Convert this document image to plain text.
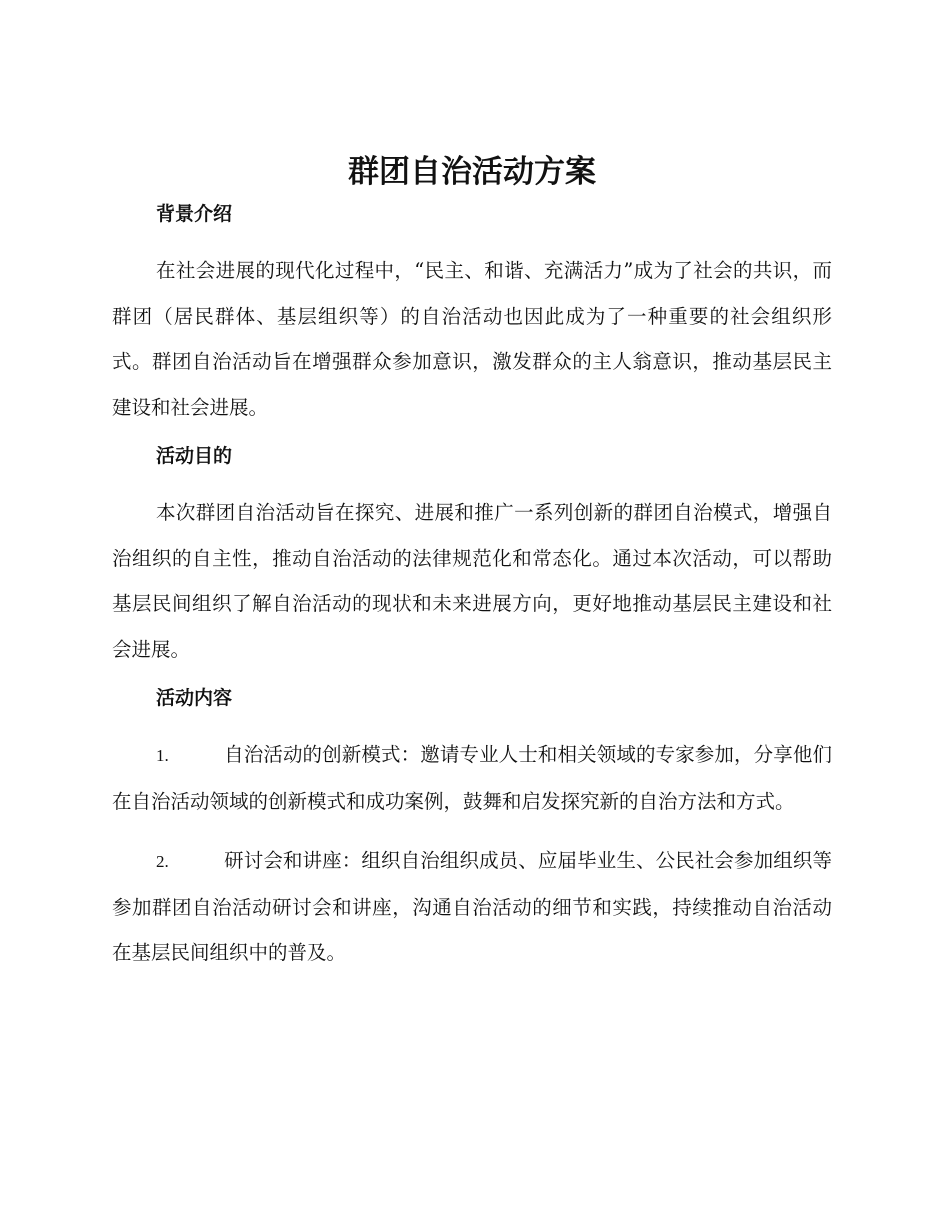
群团自治活动方案
背景介绍

在社会进展的现代化过程中，“民主、和谐、充满活力”成为了社会的共识，而群团（居民群体、基层组织等）的自治活动也因此成为了一种重要的社会组织形式。群团自治活动旨在增强群众参加意识，激发群众的主人翁意识，推动基层民主建设和社会进展。

活动目的

本次群团自治活动旨在探究、进展和推广一系列创新的群团自治模式，增强自治组织的自主性，推动自治活动的法律规范化和常态化。通过本次活动，可以帮助基层民间组织了解自治活动的现状和未来进展方向，更好地推动基层民主建设和社会进展。

活动内容

1.	自治活动的创新模式：邀请专业人士和相关领域的专家参加，分享他们在自治活动领域的创新模式和成功案例，鼓舞和启发探究新的自治方法和方式。

2.	研讨会和讲座：组织自治组织成员、应届毕业生、公民社会参加组织等参加群团自治活动研讨会和讲座，沟通自治活动的细节和实践，持续推动自治活动在基层民间组织中的普及。
